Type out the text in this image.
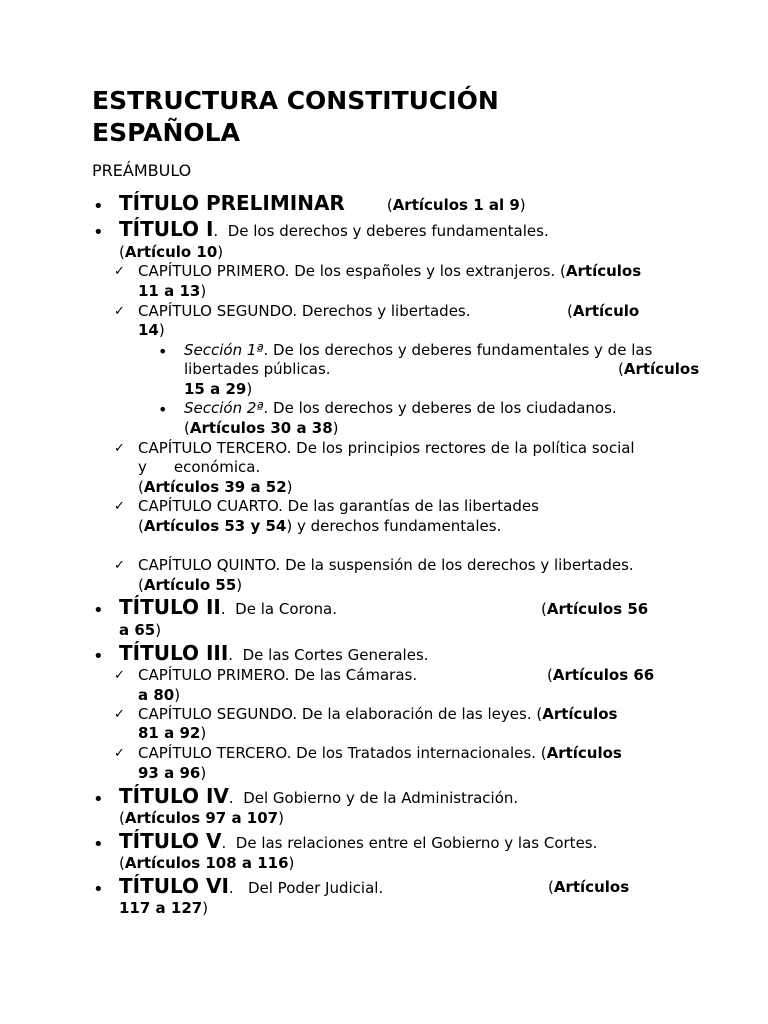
ESTRUCTURA CONSTITUCIÓN
ESPAÑOLA
PREÁMBULO
• TÍTULO PRELIMINAR	(Artículos 1 al 9)
• TÍTULO I.  De los derechos y deberes fundamentales.
(Artículo 10)
✓ CAPÍTULO PRIMERO. De los españoles y los extranjeros. (Artículos
11 a 13)
✓ CAPÍTULO SEGUNDO. Derechos y libertades.	(Artículo
14)
• Sección 1ª. De los derechos y deberes fundamentales y de las
libertades públicas.	(Artículos
15 a 29)
• Sección 2ª. De los derechos y deberes de los ciudadanos.
(Artículos 30 a 38)
✓ CAPÍTULO TERCERO. De los principios rectores de la política social
y económica.
(Artículos 39 a 52)
✓ CAPÍTULO CUARTO. De las garantías de las libertades
(Artículos 53 y 54) y derechos fundamentales.
✓ CAPÍTULO QUINTO. De la suspensión de los derechos y libertades.
(Artículo 55)
• TÍTULO II.  De la Corona.	(Artículos 56
a 65)
• TÍTULO III.  De las Cortes Generales.
✓ CAPÍTULO PRIMERO. De las Cámaras.	(Artículos 66
a 80)
✓ CAPÍTULO SEGUNDO. De la elaboración de las leyes. (Artículos
81 a 92)
✓ CAPÍTULO TERCERO. De los Tratados internacionales. (Artículos
93 a 96)
• TÍTULO IV.  Del Gobierno y de la Administración.
(Artículos 97 a 107)
• TÍTULO V.  De las relaciones entre el Gobierno y las Cortes.
(Artículos 108 a 116)
• TÍTULO VI.   Del Poder Judicial.	(Artículos
117 a 127)
